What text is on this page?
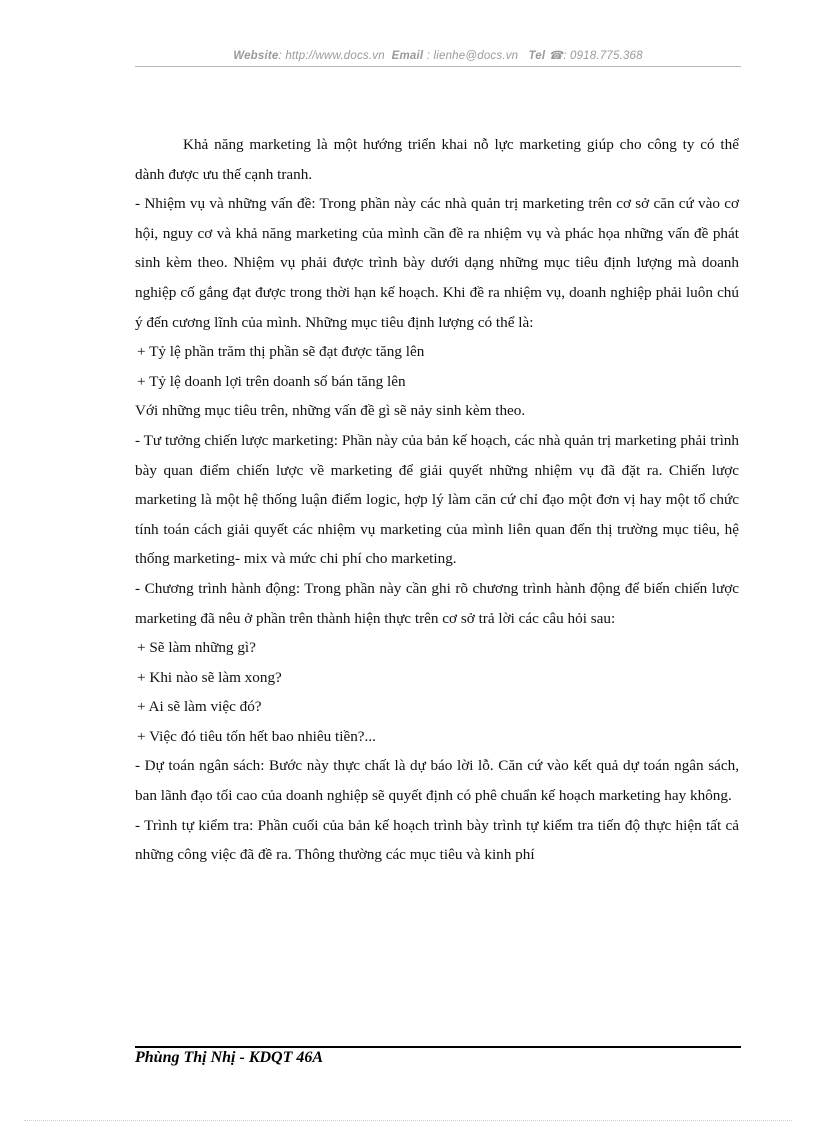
Website: http://www.docs.vn Email : lienhe@docs.vn Tel ☎: 0918.775.368

Khả năng marketing là một hướng triển khai nỗ lực marketing giúp cho công ty có thể dành được ưu thế cạnh tranh.

- Nhiệm vụ và những vấn đề: Trong phần này các nhà quản trị marketing trên cơ sở căn cứ vào cơ hội, nguy cơ và khả năng marketing của mình cần đề ra nhiệm vụ và phác họa những vấn đề phát sinh kèm theo. Nhiệm vụ phải được trình bày dưới dạng những mục tiêu định lượng mà doanh nghiệp cố gắng đạt được trong thời hạn kế hoạch. Khi đề ra nhiệm vụ, doanh nghiệp phải luôn chú ý đến cương lĩnh của mình. Những mục tiêu định lượng có thể là:

+ Tỷ lệ phần trăm thị phần sẽ đạt được tăng lên

+ Tỷ lệ doanh lợi trên doanh số bán tăng lên

Với những mục tiêu trên, những vấn đề gì sẽ nảy sinh kèm theo.

- Tư tưởng chiến lược marketing: Phần này của bản kế hoạch, các nhà quản trị marketing phải trình bày quan điểm chiến lược về marketing để giải quyết những nhiệm vụ đã đặt ra. Chiến lược marketing là một hệ thống luận điểm logic, hợp lý làm căn cứ chỉ đạo một đơn vị hay một tổ chức tính toán cách giải quyết các nhiệm vụ marketing của mình liên quan đến thị trường mục tiêu, hệ thống marketing- mix và mức chi phí cho marketing.

- Chương trình hành động: Trong phần này cần ghi rõ chương trình hành động để biến chiến lược marketing đã nêu ở phần trên thành hiện thực trên cơ sở trả lời các câu hỏi sau:

+ Sẽ làm những gì?

+ Khi nào sẽ làm xong?

+ Ai sẽ làm việc đó?

+ Việc đó tiêu tốn hết bao nhiêu tiền?...

- Dự toán ngân sách: Bước này thực chất là dự báo lời lỗ. Căn cứ vào kết quả dự toán ngân sách, ban lãnh đạo tối cao của doanh nghiệp sẽ quyết định có phê chuẩn kế hoạch marketing hay không.

- Trình tự kiểm tra: Phần cuối của bản kế hoạch trình bày trình tự kiểm tra tiến độ thực hiện tất cả những công việc đã đề ra. Thông thường các mục tiêu và kinh phí

Phùng Thị Nhị - KDQT 46A
